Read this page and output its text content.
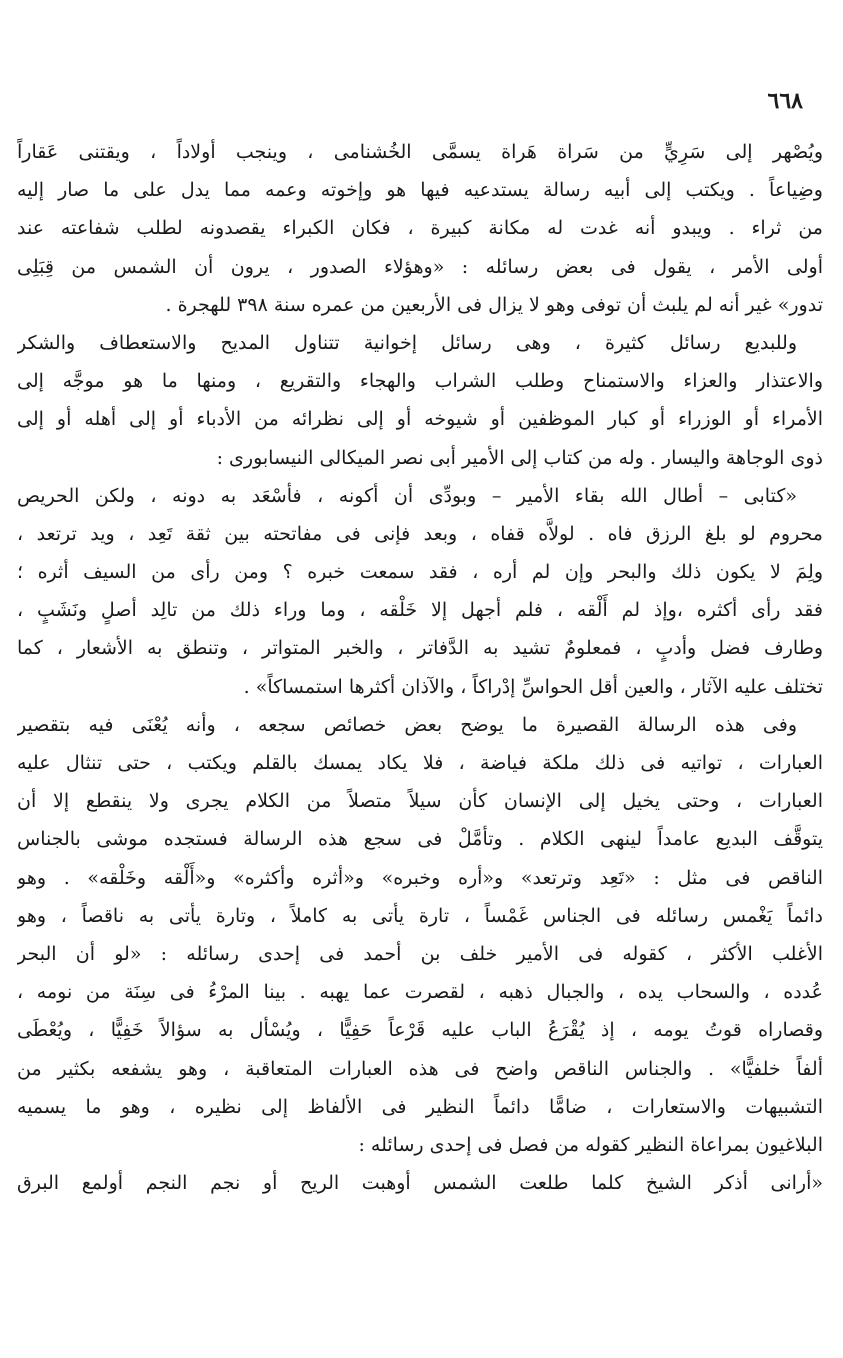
٦٦٨
ويُصْهر إلى سَرِيٍّ من سَراة هَراة يسمَّى الخُشنامى ، وينجب أولاداً ، ويقتنى عَقاراً
وضِياعاً . ويكتب إلى أبيه رسالة يستدعيه فيها هو وإخوته وعمه مما يدل على ما صار إليه
من ثراء . ويبدو أنه غدت له مكانة كبيرة ، فكان الكبراء يقصدونه لطلب شفاعته عند
أولى الأمر ، يقول فى بعض رسائله : «وهؤلاء الصدور ، يرون أن الشمس من قِبَلِى
تدور» غير أنه لم يلبث أن توفى وهو لا يزال فى الأربعين من عمره سنة ٣٩٨ للهجرة .
وللبديع رسائل كثيرة ، وهى رسائل إخوانية تتناول المديح والاستعطاف والشكر
والاعتذار والعزاء والاستمناح وطلب الشراب والهجاء والتقريع ، ومنها ما هو موجَّه إلى
الأمراء أو الوزراء أو كبار الموظفين أو شيوخه أو إلى نظرائه من الأدباء أو إلى أهله أو إلى
ذوى الوجاهة واليسار . وله من كتاب إلى الأمير أبى نصر الميكالى النيسابورى :
«كتابى – أطال الله بقاء الأمير – وبودِّى أن أكونه ، فأسْعَد به دونه ، ولكن الحريص
محروم لو بلغ الرزق فاه . لولاَّه قفاه ، وبعد فإنى فى مفاتحته بين ثقة تَعِد ، ويد ترتعد ،
ولِمَ لا يكون ذلك والبحر وإن لم أره ، فقد سمعت خبره ؟ ومن رأى من السيف أثره ؛
فقد رأى أكثره ،وإذ لم أَلْقه ، فلم أجهل إلا خَلْقه ، وما وراء ذلك من تالِد أصلٍ ونَشَبٍ ،
وطارف فضل وأدبٍ ، فمعلومٌ تشيد به الدَّفاتر ، والخبر المتواتر ، وتنطق به الأشعار ، كما
تختلف عليه الآثار ، والعين أقل الحواسِّ إدْراكاً ، والآذان أكثرها استمساكاً» .
وفى هذه الرسالة القصيرة ما يوضح بعض خصائص سجعه ، وأنه يُعْنَى فيه بتقصير
العبارات ، تواتيه فى ذلك ملكة فياضة ، فلا يكاد يمسك بالقلم ويكتب ، حتى تنثال عليه
العبارات ، وحتى يخيل إلى الإنسان كأن سيلاً متصلاً من الكلام يجرى ولا ينقطع إلا أن
يتوقَّف البديع عامداً لينهى الكلام . وتأمَّلْ فى سجع هذه الرسالة فستجده موشى بالجناس
الناقص فى مثل : «تَعِد وترتعد» و«أره وخبره» و«أثره وأكثره» و«أَلْقه وخَلْقه» . وهو
دائماً يَغْمس رسائله فى الجناس غَمْساً ، تارة يأتى به كاملاً ، وتارة يأتى به ناقصاً ، وهو
الأغلب الأكثر ، كقوله فى الأمير خلف بن أحمد فى إحدى رسائله : «لو أن البحر
عُدده ، والسحاب يده ، والجبال ذهبه ، لقصرت عما يهبه . بينا المرْءُ فى سِنَة من نومه ،
وقصاراه قوتُ يومه ، إذ يُقْرَعُ الباب عليه قَرْعاً حَفِيًّا ، ويُسْأل به سؤالاً خَفِيًّا ، ويُعْطَى
ألفاً خلفيًّا» . والجناس الناقص واضح فى هذه العبارات المتعاقبة ، وهو يشفعه بكثير من
التشبيهات والاستعارات ، ضامًّا دائماً النظير فى الألفاظ إلى نظيره ، وهو ما يسميه
البلاغيون بمراعاة النظير كقوله من فصل فى إحدى رسائله :
«أرانى أذكر الشيخ كلما طلعت الشمس أوهبت الريح أو نجم النجم أولمع البرق
